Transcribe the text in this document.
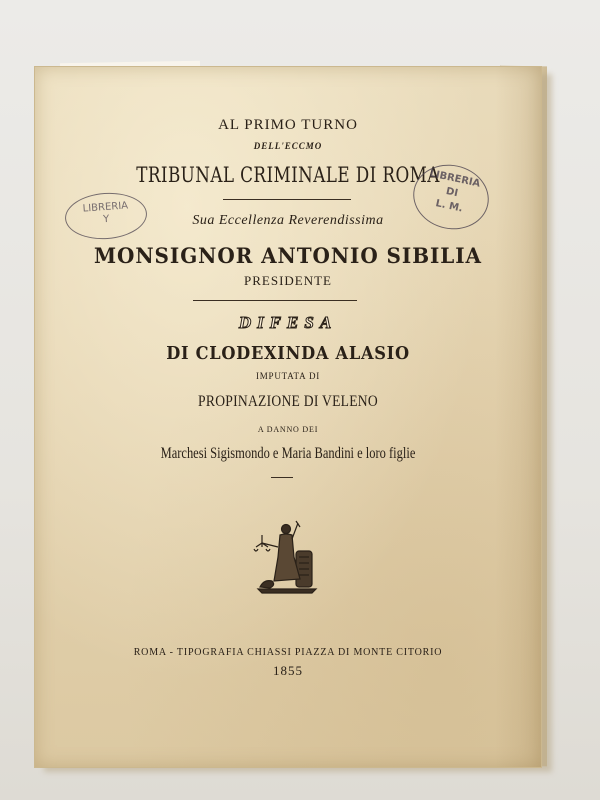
AL PRIMO TURNO
DELL'ECCMO
TRIBUNAL CRIMINALE DI ROMA
Sua Eccellenza Reverendissima
MONSIGNOR ANTONIO SIBILIA
PRESIDENTE
DIFESA
DI CLODEXINDA ALASIO
IMPUTATA DI
PROPINAZIONE DI VELENO
A DANNO DEI
Marchesi Sigismondo e Maria Bandini e loro figlie
ROMA - TIPOGRAFIA CHIASSI PIAZZA DI MONTE CITORIO
1855
LIBRERIA
Y
LIBRERIA
DI
L. M.
